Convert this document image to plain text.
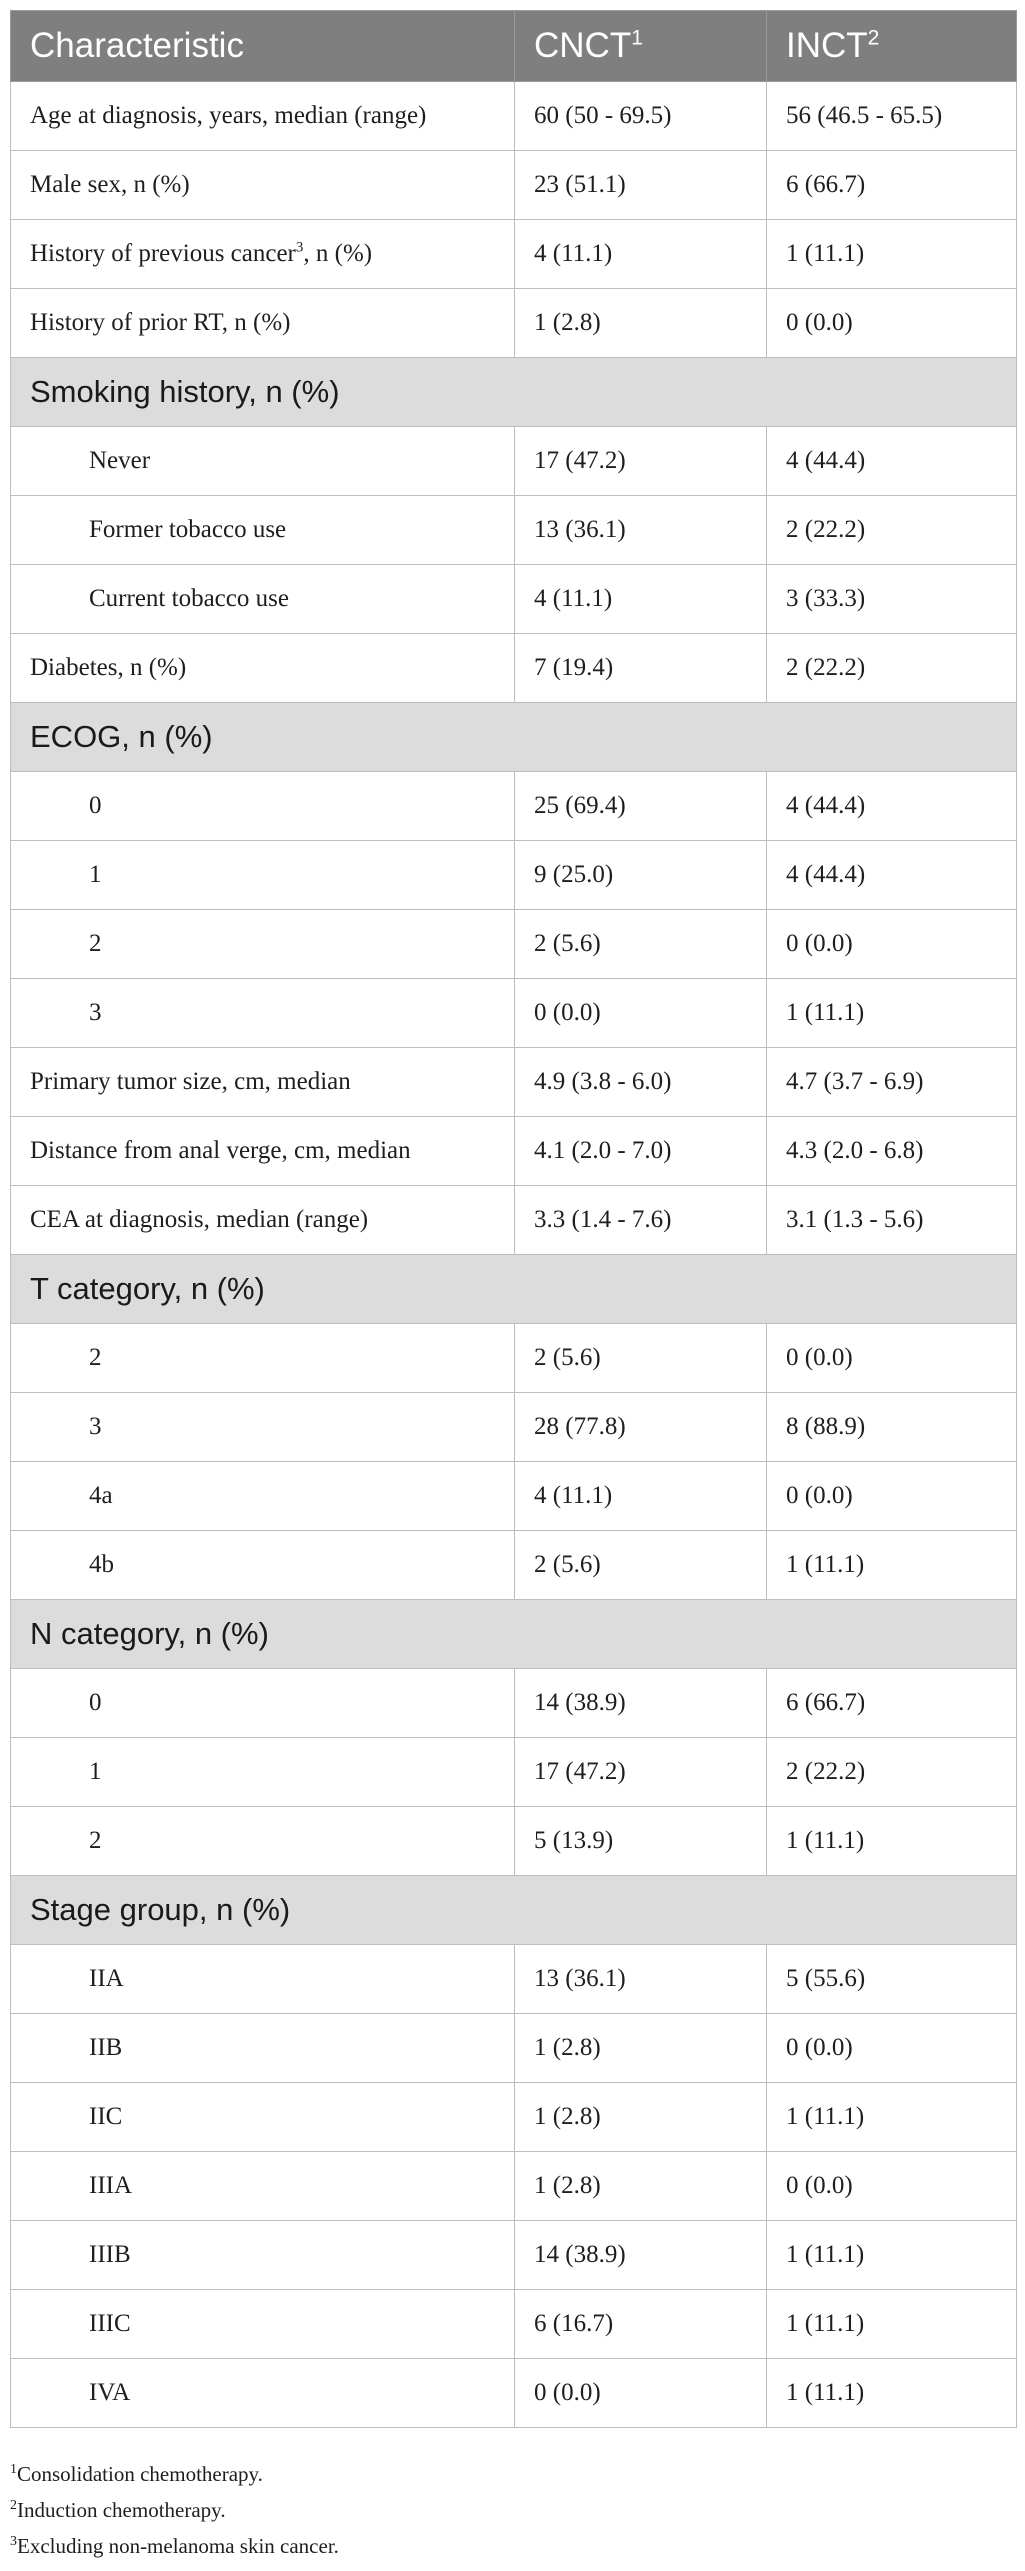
Characteristic	CNCT$^1$	INCT$^2$
Age at diagnosis, years, median (range)	60 (50 - 69.5)	56 (46.5 - 65.5)
Male sex, n (%)	23 (51.1)	6 (66.7)
History of previous cancer$^3$, n (%)	4 (11.1)	1 (11.1)
History of prior RT, n (%)	1 (2.8)	0 (0.0)
Smoking history, n (%)		
Never	17 (47.2)	4 (44.4)
Former tobacco use	13 (36.1)	2 (22.2)
Current tobacco use	4 (11.1)	3 (33.3)
Diabetes, n (%)	7 (19.4)	2 (22.2)
ECOG, n (%)		
0	25 (69.4)	4 (44.4)
1	9 (25.0)	4 (44.4)
2	2 (5.6)	0 (0.0)
3	0 (0.0)	1 (11.1)
Primary tumor size, cm, median	4.9 (3.8 - 6.0)	4.7 (3.7 - 6.9)
Distance from anal verge, cm, median	4.1 (2.0 - 7.0)	4.3 (2.0 - 6.8)
CEA at diagnosis, median (range)	3.3 (1.4 - 7.6)	3.1 (1.3 - 5.6)
T category, n (%)		
2	2 (5.6)	0 (0.0)
3	28 (77.8)	8 (88.9)
4a	4 (11.1)	0 (0.0)
4b	2 (5.6)	1 (11.1)
N category, n (%)		
0	14 (38.9)	6 (66.7)
1	17 (47.2)	2 (22.2)
2	5 (13.9)	1 (11.1)
Stage group, n (%)		
IIA	13 (36.1)	5 (55.6)
IIB	1 (2.8)	0 (0.0)
IIC	1 (2.8)	1 (11.1)
IIIA	1 (2.8)	0 (0.0)
IIIB	14 (38.9)	1 (11.1)
IIIC	6 (16.7)	1 (11.1)
IVA	0 (0.0)	1 (11.1)
$^1$Consolidation chemotherapy.
$^2$Induction chemotherapy.
$^3$Excluding non-melanoma skin cancer.
